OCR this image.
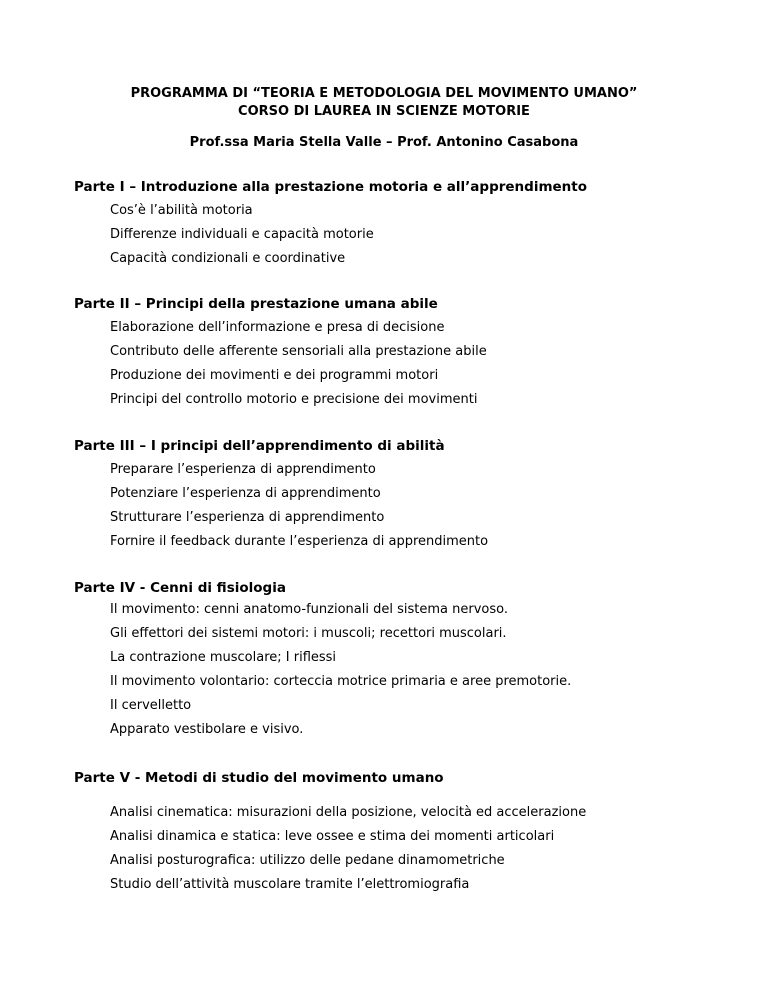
PROGRAMMA DI “TEORIA E METODOLOGIA DEL MOVIMENTO UMANO”
CORSO DI LAUREA IN SCIENZE MOTORIE
Prof.ssa Maria Stella Valle – Prof. Antonino Casabona
Parte I – Introduzione alla prestazione motoria e all’apprendimento
Cos’è l’abilità motoria
Differenze individuali e capacità motorie
Capacità condizionali e coordinative
Parte II – Principi della prestazione umana abile
Elaborazione dell’informazione e presa di decisione
Contributo delle afferente sensoriali alla prestazione abile
Produzione dei movimenti e dei programmi motori
Principi del controllo motorio e precisione dei movimenti
Parte III – I principi dell’apprendimento di abilità
Preparare l’esperienza di apprendimento
Potenziare l’esperienza di apprendimento
Strutturare l’esperienza di apprendimento
Fornire il feedback durante l’esperienza di apprendimento
Parte IV - Cenni di fisiologia
Il movimento: cenni anatomo-funzionali del sistema nervoso.
Gli effettori dei sistemi motori: i muscoli; recettori muscolari.
La contrazione muscolare; I riflessi
Il movimento volontario: corteccia motrice primaria e aree premotorie.
Il cervelletto
Apparato vestibolare e visivo.
Parte V - Metodi di studio del movimento umano
Analisi cinematica: misurazioni della posizione, velocità ed accelerazione
Analisi dinamica e statica: leve ossee e stima dei momenti articolari
Analisi posturografica: utilizzo delle pedane dinamometriche
Studio dell’attività muscolare tramite l’elettromiografia
